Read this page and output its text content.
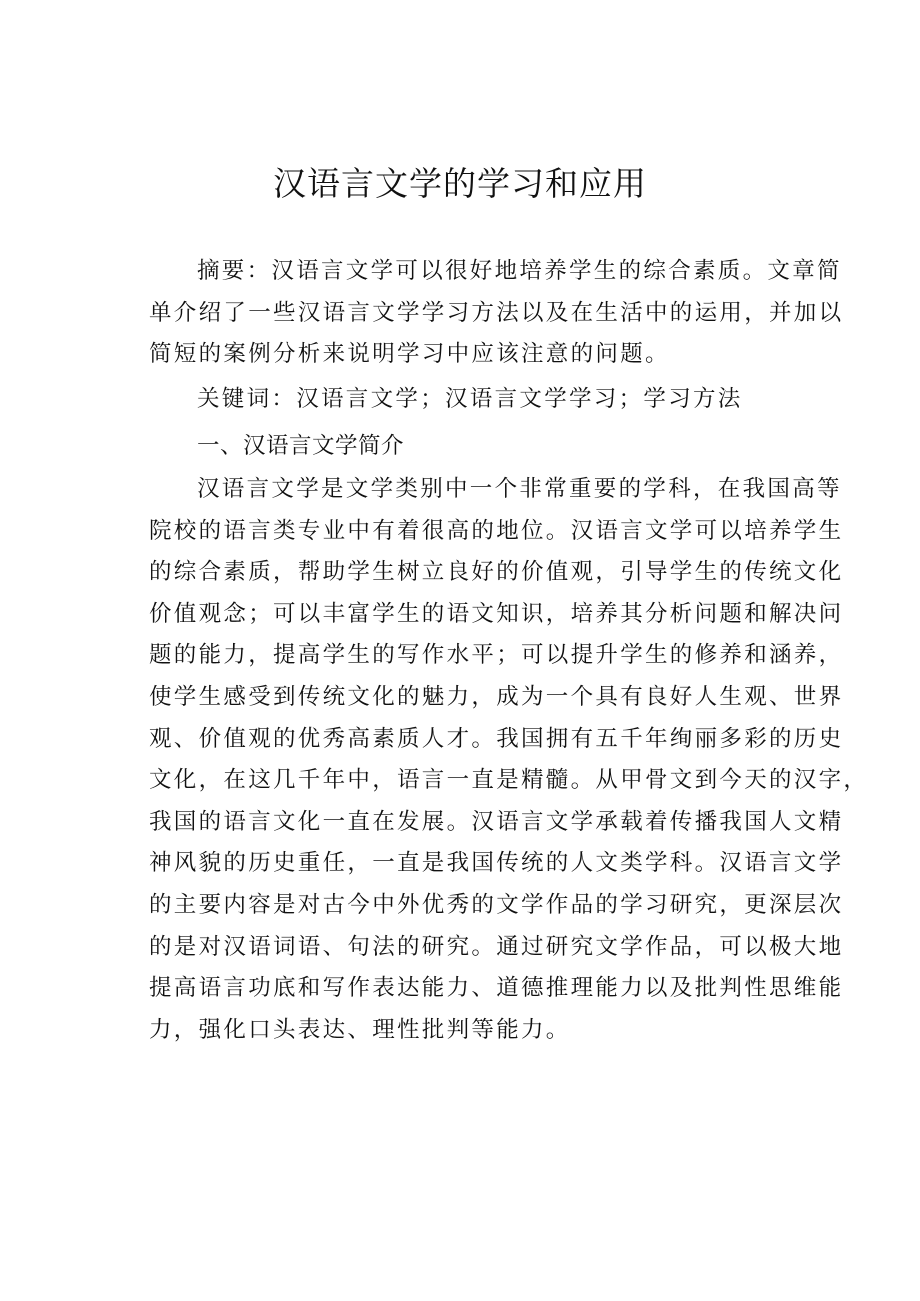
汉语言文学的学习和应用

摘要：汉语言文学可以很好地培养学生的综合素质。文章简
单介绍了一些汉语言文学学习方法以及在生活中的运用，并加以
简短的案例分析来说明学习中应该注意的问题。

关键词：汉语言文学；汉语言文学学习；学习方法

一、汉语言文学简介

汉语言文学是文学类别中一个非常重要的学科，在我国高等
院校的语言类专业中有着很高的地位。汉语言文学可以培养学生
的综合素质，帮助学生树立良好的价值观，引导学生的传统文化
价值观念；可以丰富学生的语文知识，培养其分析问题和解决问
题的能力，提高学生的写作水平；可以提升学生的修养和涵养，
使学生感受到传统文化的魅力，成为一个具有良好人生观、世界
观、价值观的优秀高素质人才。我国拥有五千年绚丽多彩的历史
文化，在这几千年中，语言一直是精髓。从甲骨文到今天的汉字，
我国的语言文化一直在发展。汉语言文学承载着传播我国人文精
神风貌的历史重任，一直是我国传统的人文类学科。汉语言文学
的主要内容是对古今中外优秀的文学作品的学习研究，更深层次
的是对汉语词语、句法的研究。通过研究文学作品，可以极大地
提高语言功底和写作表达能力、道德推理能力以及批判性思维能
力，强化口头表达、理性批判等能力。
